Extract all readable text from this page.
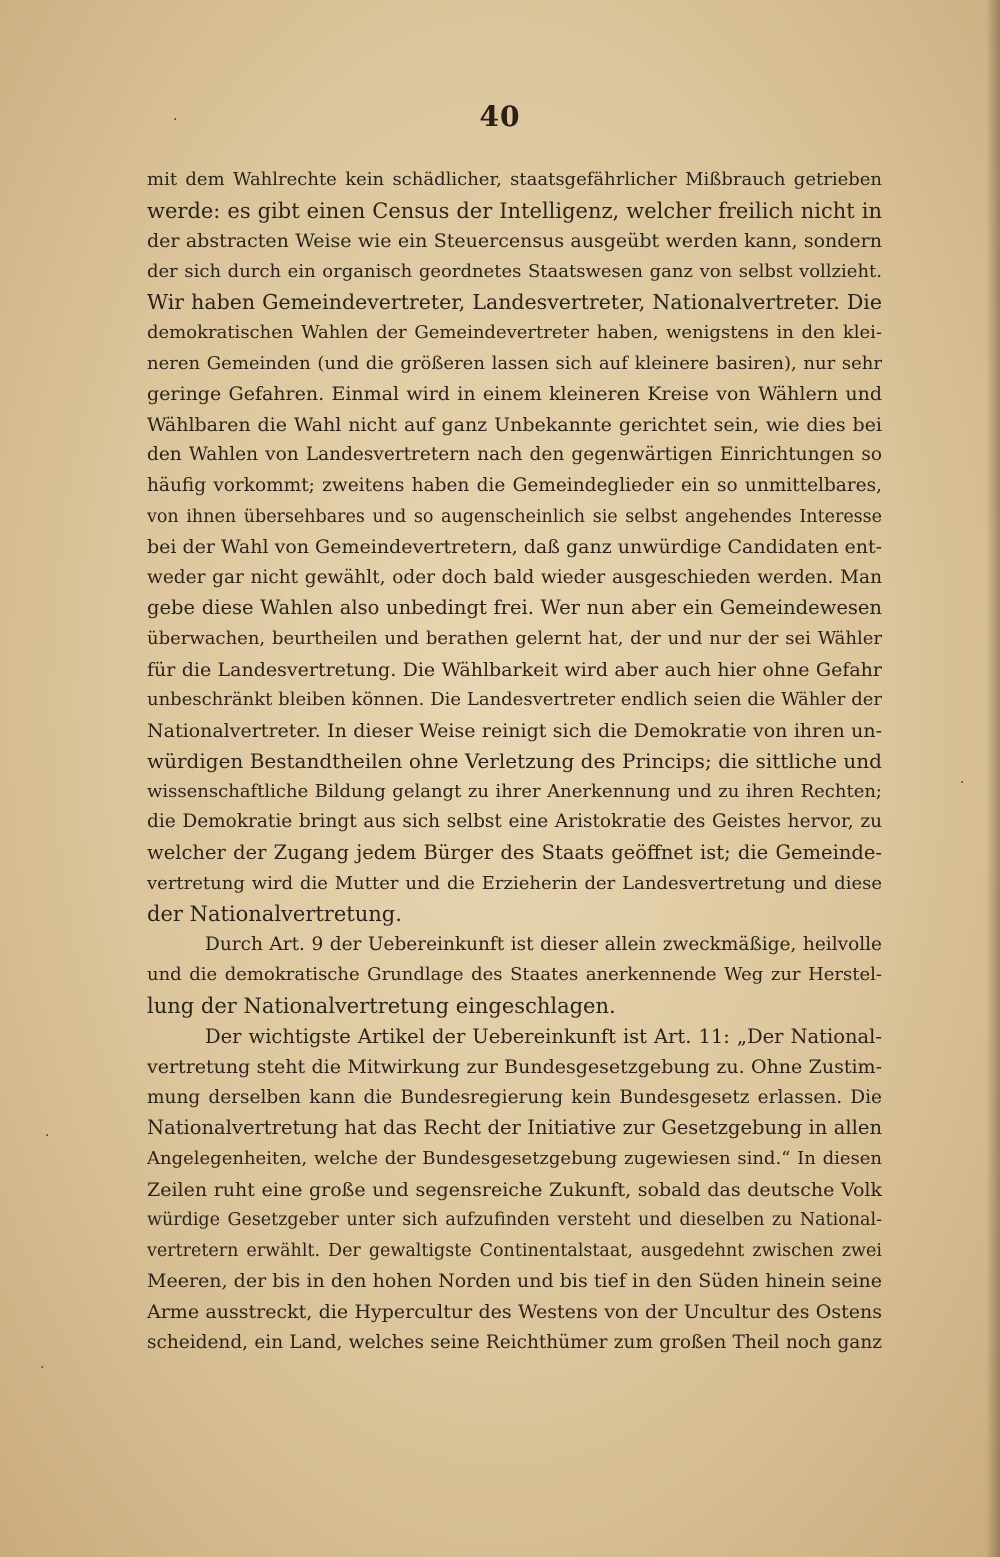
40
mit dem Wahlrechte kein schädlicher, staatsgefährlicher Mißbrauch getrieben
werde: es gibt einen Census der Intelligenz, welcher freilich nicht in
der abstracten Weise wie ein Steuercensus ausgeübt werden kann, sondern
der sich durch ein organisch geordnetes Staatswesen ganz von selbst vollzieht.
Wir haben Gemeindevertreter, Landesvertreter, Nationalvertreter. Die
demokratischen Wahlen der Gemeindevertreter haben, wenigstens in den klei-
neren Gemeinden (und die größeren lassen sich auf kleinere basiren), nur sehr
geringe Gefahren. Einmal wird in einem kleineren Kreise von Wählern und
Wählbaren die Wahl nicht auf ganz Unbekannte gerichtet sein, wie dies bei
den Wahlen von Landesvertretern nach den gegenwärtigen Einrichtungen so
häufig vorkommt; zweitens haben die Gemeindeglieder ein so unmittelbares,
von ihnen übersehbares und so augenscheinlich sie selbst angehendes Interesse
bei der Wahl von Gemeindevertretern, daß ganz unwürdige Candidaten ent-
weder gar nicht gewählt, oder doch bald wieder ausgeschieden werden. Man
gebe diese Wahlen also unbedingt frei. Wer nun aber ein Gemeindewesen
überwachen, beurtheilen und berathen gelernt hat, der und nur der sei Wähler
für die Landesvertretung. Die Wählbarkeit wird aber auch hier ohne Gefahr
unbeschränkt bleiben können. Die Landesvertreter endlich seien die Wähler der
Nationalvertreter. In dieser Weise reinigt sich die Demokratie von ihren un-
würdigen Bestandtheilen ohne Verletzung des Princips; die sittliche und
wissenschaftliche Bildung gelangt zu ihrer Anerkennung und zu ihren Rechten;
die Demokratie bringt aus sich selbst eine Aristokratie des Geistes hervor, zu
welcher der Zugang jedem Bürger des Staats geöffnet ist; die Gemeinde-
vertretung wird die Mutter und die Erzieherin der Landesvertretung und diese
der Nationalvertretung.
Durch Art. 9 der Uebereinkunft ist dieser allein zweckmäßige, heilvolle
und die demokratische Grundlage des Staates anerkennende Weg zur Herstel-
lung der Nationalvertretung eingeschlagen.
Der wichtigste Artikel der Uebereinkunft ist Art. 11: „Der National-
vertretung steht die Mitwirkung zur Bundesgesetzgebung zu. Ohne Zustim-
mung derselben kann die Bundesregierung kein Bundesgesetz erlassen. Die
Nationalvertretung hat das Recht der Initiative zur Gesetzgebung in allen
Angelegenheiten, welche der Bundesgesetzgebung zugewiesen sind.“ In diesen
Zeilen ruht eine große und segensreiche Zukunft, sobald das deutsche Volk
würdige Gesetzgeber unter sich aufzufinden versteht und dieselben zu National-
vertretern erwählt. Der gewaltigste Continentalstaat, ausgedehnt zwischen zwei
Meeren, der bis in den hohen Norden und bis tief in den Süden hinein seine
Arme ausstreckt, die Hypercultur des Westens von der Uncultur des Ostens
scheidend, ein Land, welches seine Reichthümer zum großen Theil noch ganz
·
·
·
·
